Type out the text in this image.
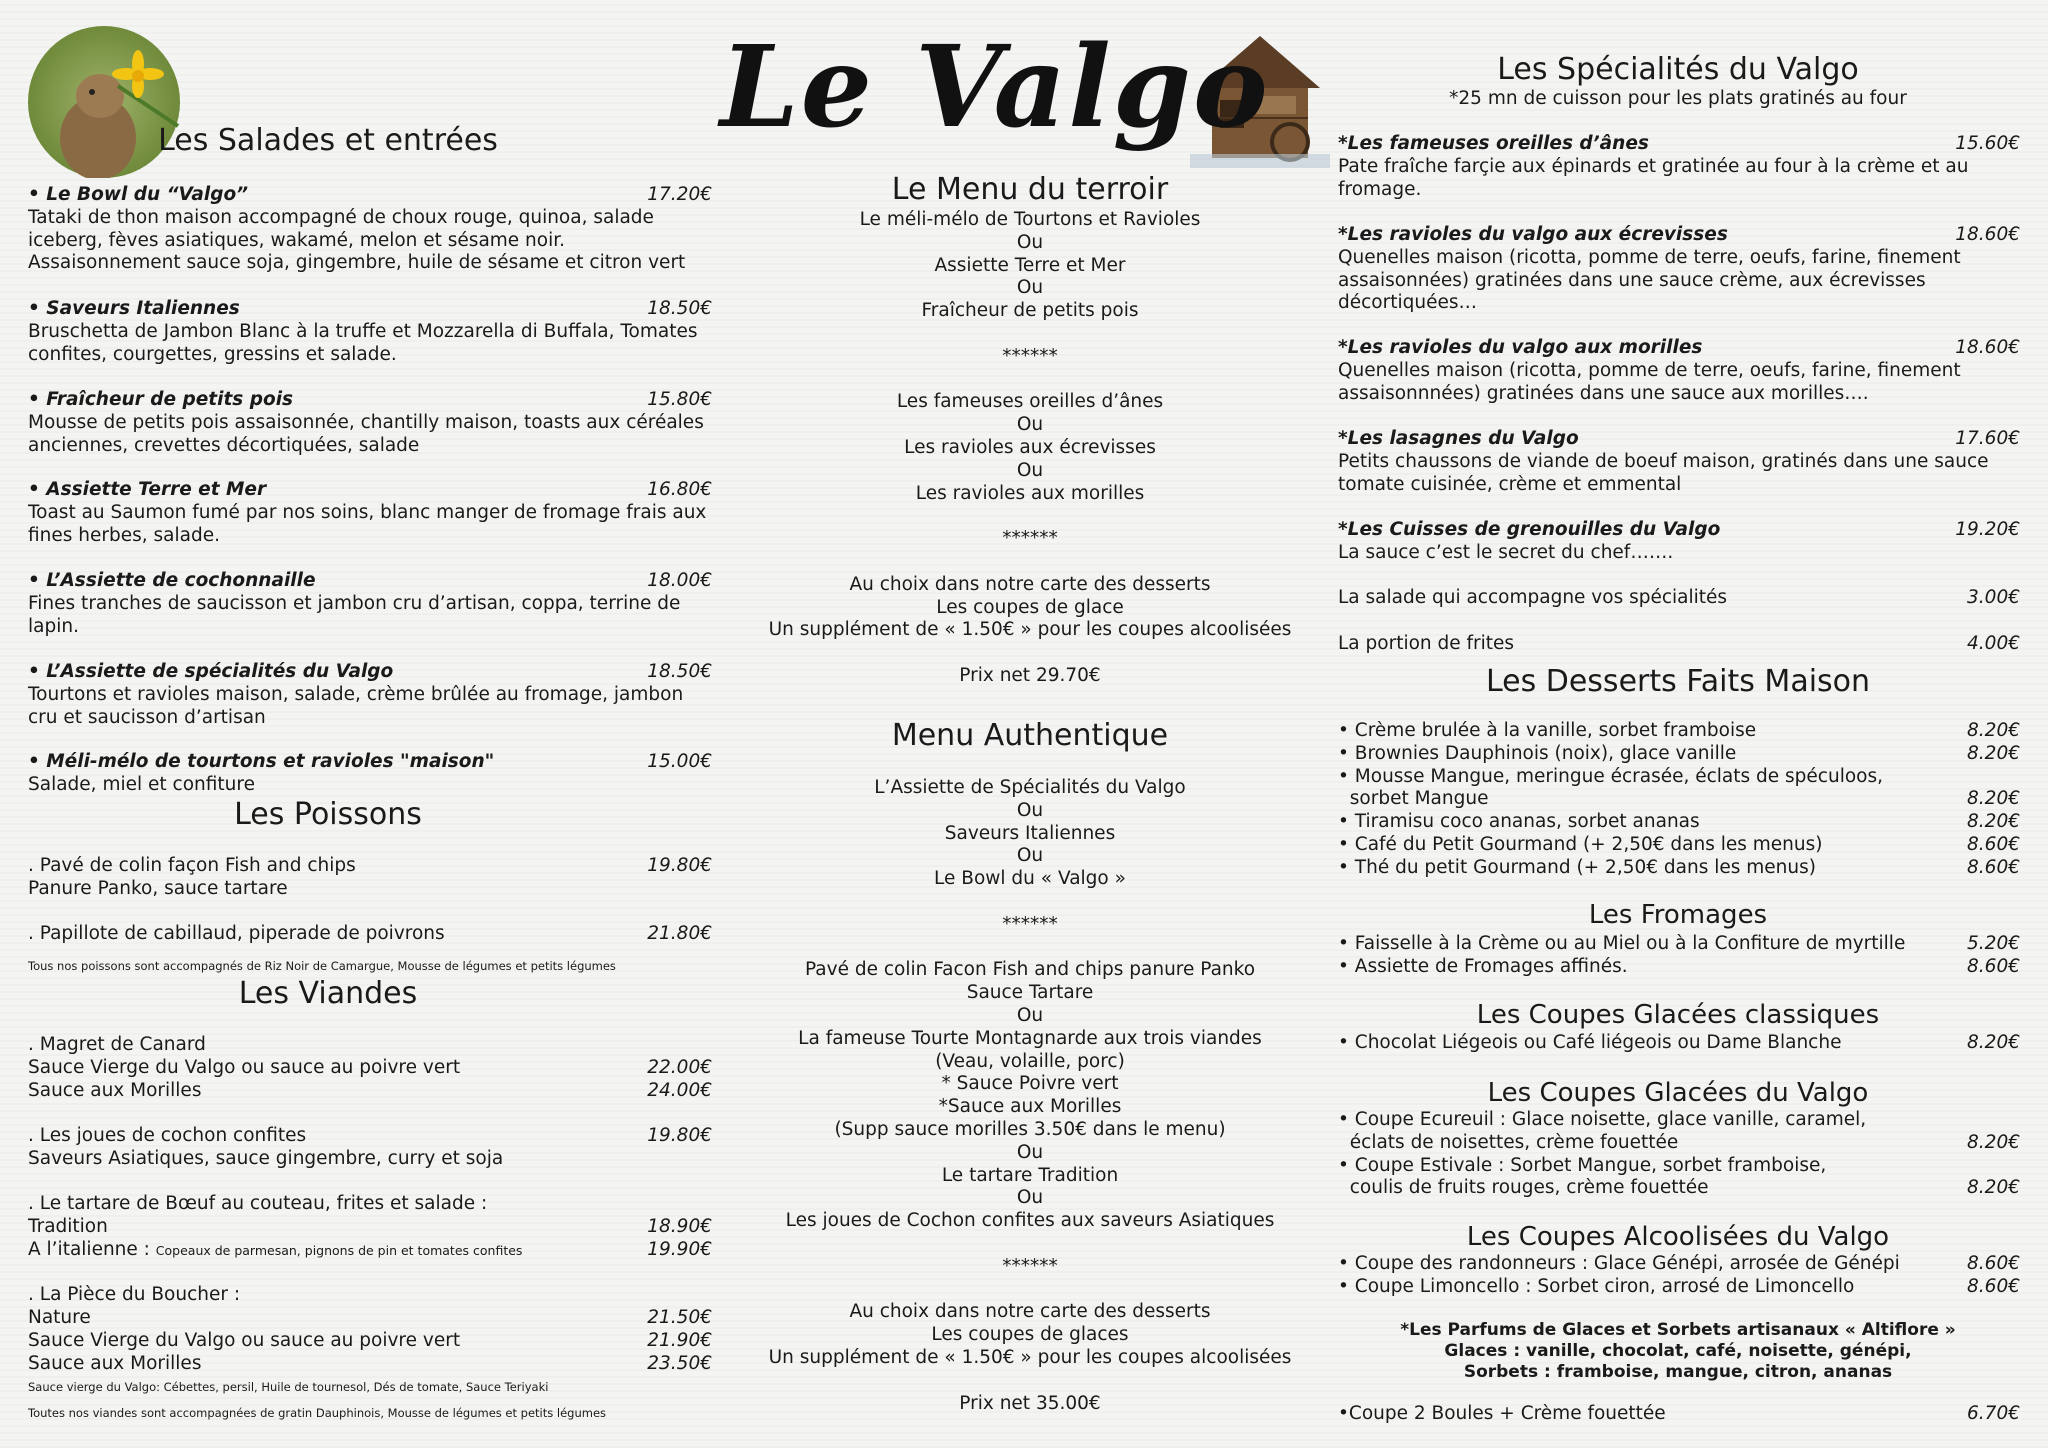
Le Valgo
Les Salades et entrées
• Le Bowl du “Valgo”	17.20€
Tataki de thon maison accompagné de choux rouge, quinoa, salade iceberg, fèves asiatiques, wakamé, melon et sésame noir. Assaisonnement sauce soja, gingembre, huile de sésame et citron vert
• Saveurs Italiennes	18.50€
Bruschetta de Jambon Blanc à la truffe et Mozzarella di Buffala, Tomates confites, courgettes, gressins et salade.
• Fraîcheur de petits pois	15.80€
Mousse de petits pois assaisonnée, chantilly maison, toasts aux céréales anciennes, crevettes décortiquées, salade
• Assiette Terre et Mer	16.80€
Toast au Saumon fumé par nos soins, blanc manger de fromage frais aux fines herbes, salade.
• L’Assiette de cochonnaille	18.00€
Fines tranches de saucisson et jambon cru d’artisan, coppa, terrine de lapin.
• L’Assiette de spécialités du Valgo	18.50€
Tourtons et ravioles maison, salade, crème brûlée au fromage, jambon cru et saucisson d’artisan
• Méli-mélo de tourtons et ravioles "maison"	15.00€
Salade, miel et confiture
Les Poissons
. Pavé de colin façon Fish and chips	19.80€
Panure Panko, sauce tartare
. Papillote de cabillaud, piperade de poivrons	21.80€
Tous nos poissons sont accompagnés de Riz Noir de Camargue, Mousse de légumes et petits légumes
Les Viandes
. Magret de Canard
Sauce Vierge du Valgo ou sauce au poivre vert	22.00€
Sauce aux Morilles	24.00€
. Les joues de cochon confites	19.80€
Saveurs Asiatiques, sauce gingembre, curry et soja
. Le tartare de Bœuf au couteau, frites et salade :
Tradition	18.90€
A l’italienne : Copeaux de parmesan, pignons de pin et tomates confites	19.90€
. La Pièce du Boucher :
Nature	21.50€
Sauce Vierge du Valgo ou sauce au poivre vert	21.90€
Sauce aux Morilles	23.50€
Sauce vierge du Valgo: Cébettes, persil, Huile de tournesol, Dés de tomate, Sauce Teriyaki
Toutes nos viandes sont accompagnées de gratin Dauphinois, Mousse de légumes et petits légumes
Le Menu du terroir
Le méli-mélo de Tourtons et Ravioles
Ou
Assiette Terre et Mer
Ou
Fraîcheur de petits pois
******
Les fameuses oreilles d’ânes
Ou
Les ravioles aux écrevisses
Ou
Les ravioles aux morilles
******
Au choix dans notre carte des desserts
Les coupes de glace
Un supplément de « 1.50€ » pour les coupes alcoolisées
Prix net 29.70€
Menu Authentique
L’Assiette de Spécialités du Valgo
Ou
Saveurs Italiennes
Ou
Le Bowl du « Valgo »
******
Pavé de colin Facon Fish and chips panure Panko
Sauce Tartare
Ou
La fameuse Tourte Montagnarde aux trois viandes
(Veau, volaille, porc)
* Sauce Poivre vert
*Sauce aux Morilles
(Supp sauce morilles 3.50€ dans le menu)
Ou
Le tartare Tradition
Ou
Les joues de Cochon confites aux saveurs Asiatiques
******
Au choix dans notre carte des desserts
Les coupes de glaces
Un supplément de « 1.50€ » pour les coupes alcoolisées
Prix net 35.00€
Les Spécialités du Valgo
*25 mn de cuisson pour les plats gratinés au four
*Les fameuses oreilles d’ânes	15.60€
Pate fraîche farçie aux épinards et gratinée au four à la crème et au fromage.
*Les ravioles du valgo aux écrevisses	18.60€
Quenelles maison (ricotta, pomme de terre, oeufs, farine, finement assaisonnées) gratinées dans une sauce crème, aux écrevisses décortiquées…
*Les ravioles du valgo aux morilles	18.60€
Quenelles maison (ricotta, pomme de terre, oeufs, farine, finement assaisonnnées) gratinées dans une sauce aux morilles….
*Les lasagnes du Valgo	17.60€
Petits chaussons de viande de boeuf maison, gratinés dans une sauce tomate cuisinée, crème et emmental
*Les Cuisses de grenouilles du Valgo	19.20€
La sauce c’est le secret du chef…….
La salade qui accompagne vos spécialités	3.00€
La portion de frites	4.00€
Les Desserts Faits Maison
• Crème brulée à la vanille, sorbet framboise	8.20€
• Brownies Dauphinois (noix), glace vanille	8.20€
• Mousse Mangue, meringue écrasée, éclats de spéculoos,
sorbet Mangue	8.20€
• Tiramisu coco ananas, sorbet ananas	8.20€
• Café du Petit Gourmand (+ 2,50€ dans les menus)	8.60€
• Thé du petit Gourmand (+ 2,50€ dans les menus)	8.60€
Les Fromages
• Faisselle à la Crème ou au Miel ou à la Confiture de myrtille	5.20€
• Assiette de Fromages affinés.	8.60€
Les Coupes Glacées classiques
• Chocolat Liégeois ou Café liégeois ou Dame Blanche	8.20€
Les Coupes Glacées du Valgo
• Coupe Ecureuil : Glace noisette, glace vanille, caramel,
éclats de noisettes, crème fouettée	8.20€
• Coupe Estivale : Sorbet Mangue, sorbet framboise,
coulis de fruits rouges, crème fouettée	8.20€
Les Coupes Alcoolisées du Valgo
• Coupe des randonneurs : Glace Génépi, arrosée de Génépi	8.60€
• Coupe Limoncello : Sorbet ciron, arrosé de Limoncello	8.60€
*Les Parfums de Glaces et Sorbets artisanaux « Altiflore »
Glaces : vanille, chocolat, café, noisette, génépi,
Sorbets : framboise, mangue, citron, ananas
•Coupe 2 Boules + Crème fouettée	6.70€
